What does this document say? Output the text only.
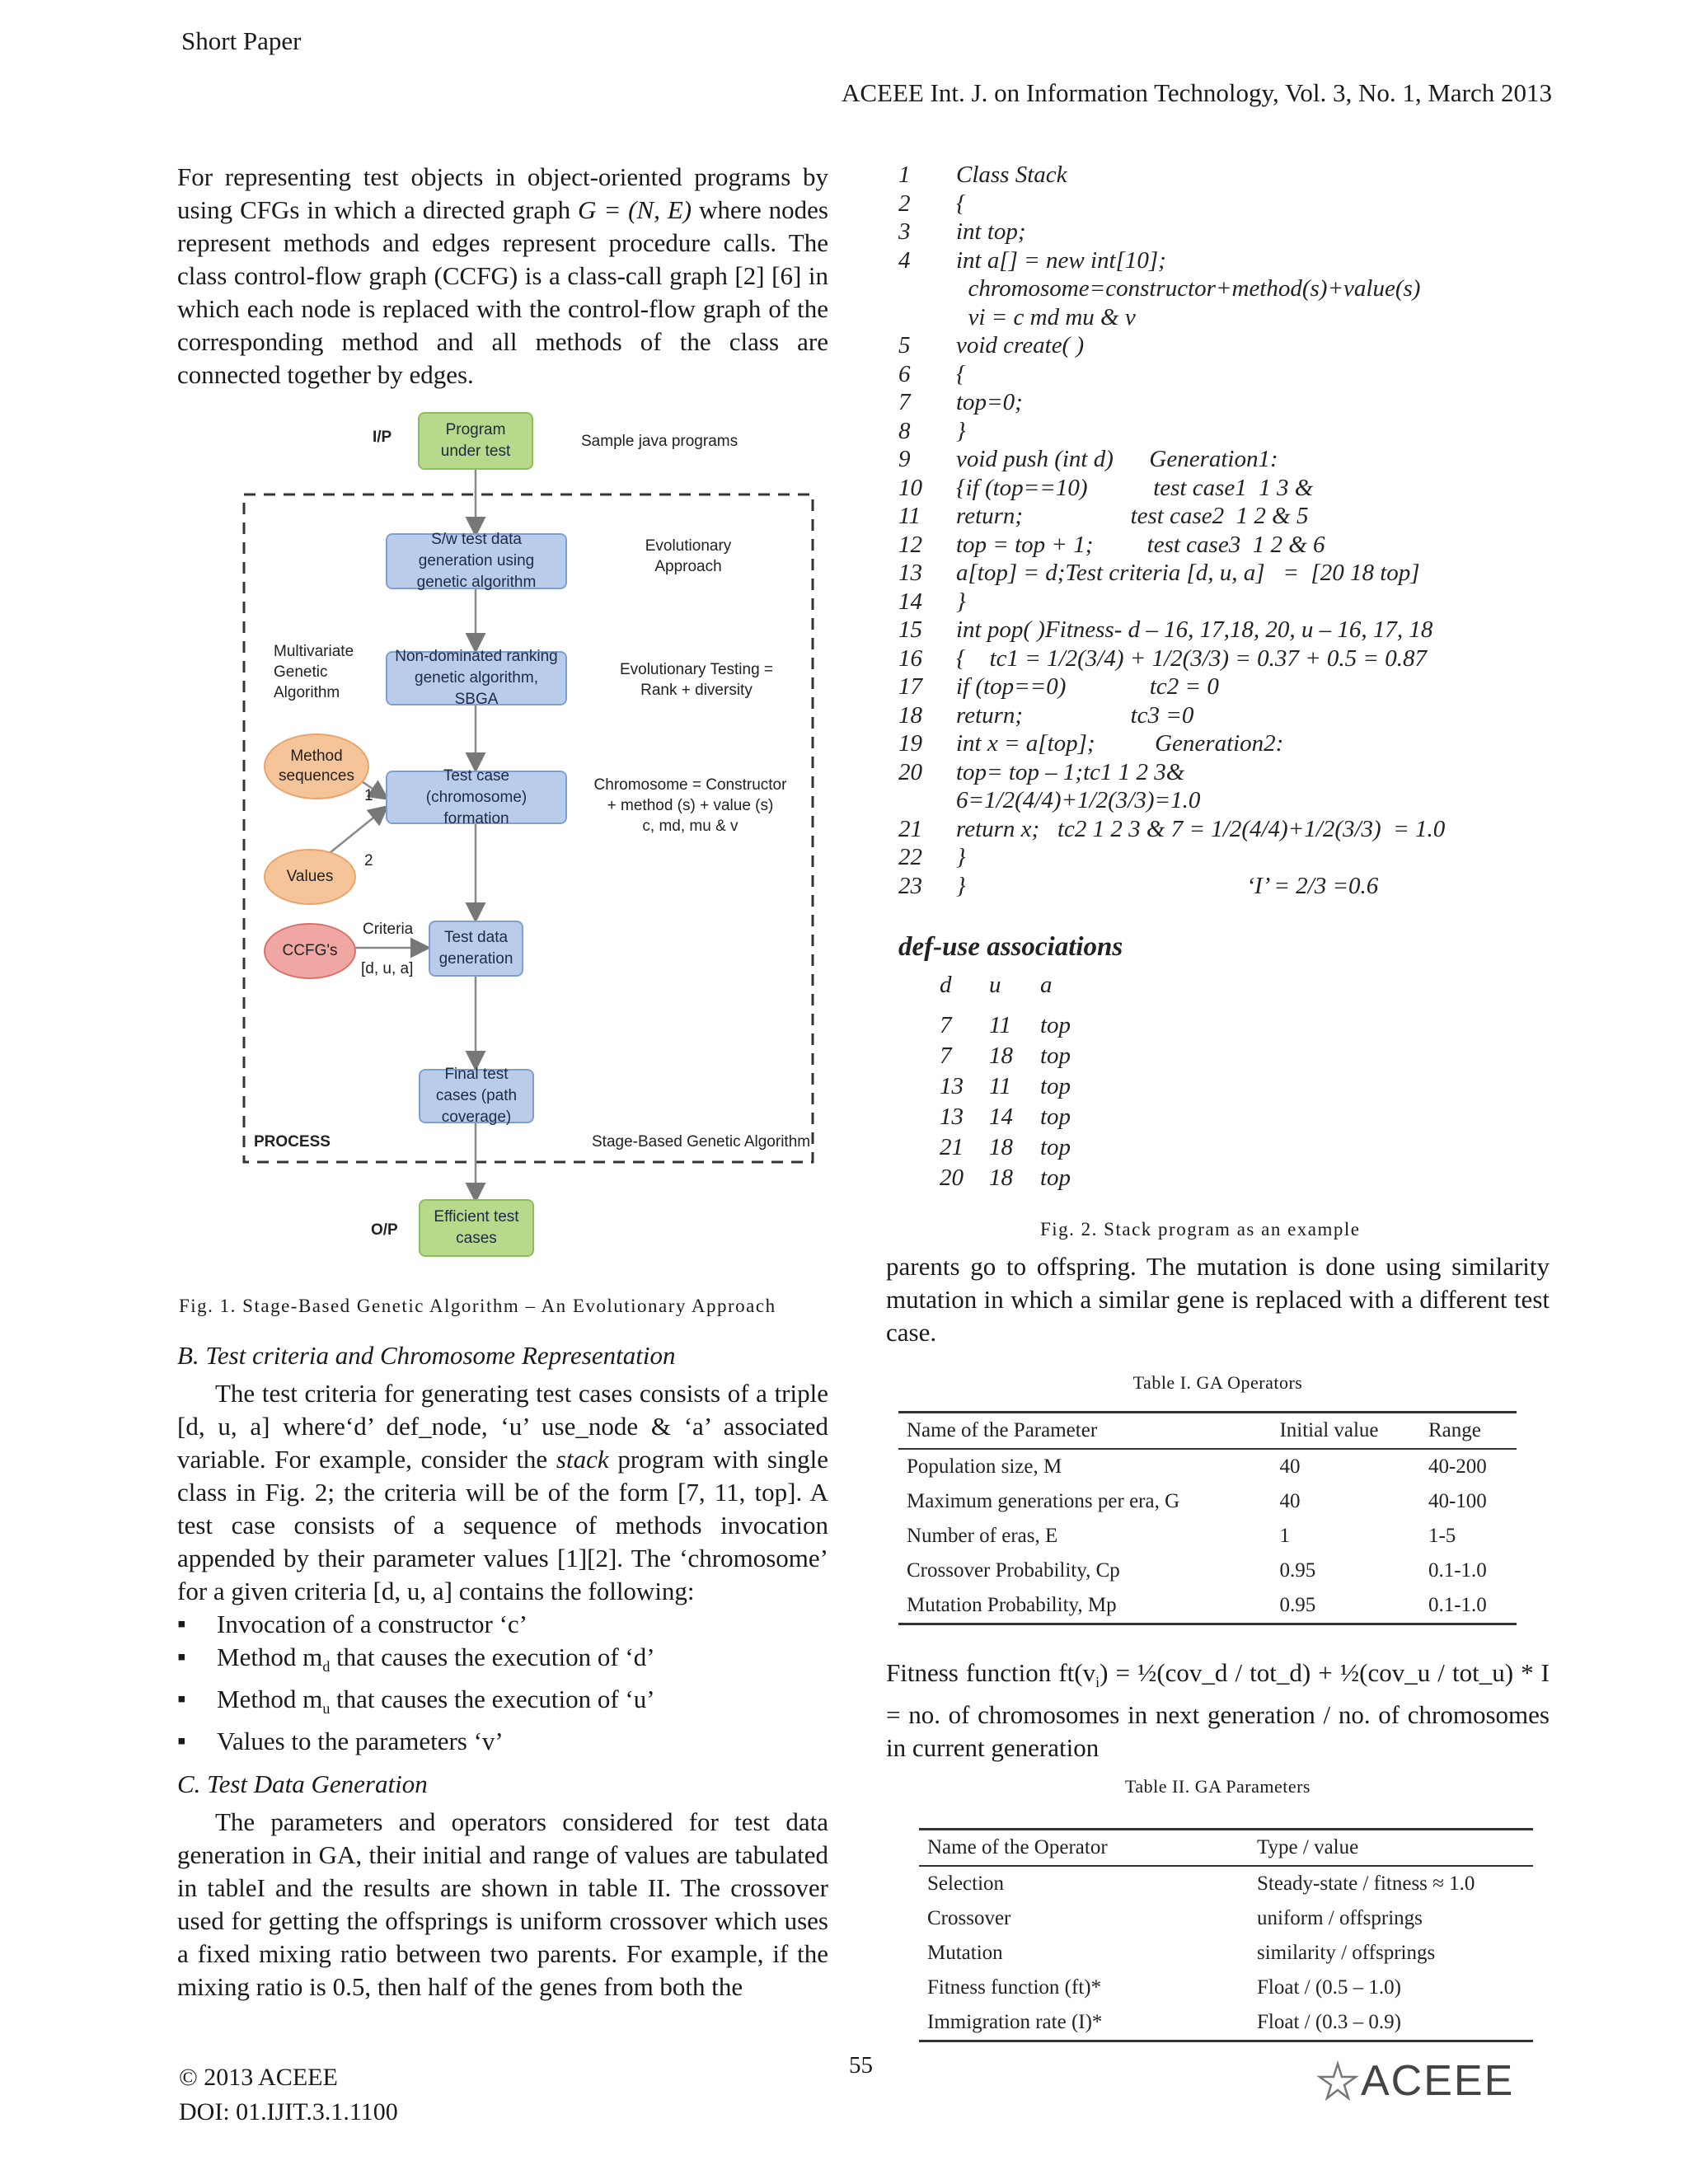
Short Paper
ACEEE Int. J. on Information Technology, Vol. 3, No. 1, March 2013

For representing test objects in object-oriented programs by using CFGs in which a directed graph G = (N, E) where nodes represent methods and edges represent procedure calls. The class control-flow graph (CCFG) is a class-call graph [2] [6] in which each node is replaced with the control-flow graph of the corresponding method and all methods of the class are connected together by edges.

I/P	Program under test
Sample java programs
S/w test data generation using genetic algorithm
Evolutionary Approach
Multivariate Genetic Algorithm
Non-dominated ranking genetic algorithm, SBGA
Evolutionary Testing = Rank + diversity
Method sequences
1
Test case (chromosome) formation
Chromosome = Constructor + method (s) + value (s)
c, md, mu & v
2
Values
CCFG's
Criteria
[d, u, a]
Test data generation
Final test cases (path coverage)
PROCESS	Stage-Based Genetic Algorithm
O/P
Efficient test cases
Fig. 1. Stage-Based Genetic Algorithm – An Evolutionary Approach

B. Test criteria and Chromosome Representation

The test criteria for generating test cases consists of a triple [d, u, a] where‘d’ def_node, ‘u’ use_node & ‘a’ associated variable. For example, consider the stack program with single class in Fig. 2; the criteria will be of the form [7, 11, top]. A test case consists of a sequence of methods invocation appended by their parameter values [1][2]. The ‘chromosome’ for a given criteria [d, u, a] contains the following:

▪ Invocation of a constructor ‘c’
▪ Method $m_d$ that causes the execution of ‘d’
▪ Method $m_u$ that causes the execution of ‘u’
▪ Values to the parameters ‘v’

C. Test Data Generation

The parameters and operators considered for test data generation in GA, their initial and range of values are tabulated in tableI and the results are shown in table II. The crossover used for getting the offsprings is uniform crossover which uses a fixed mixing ratio between two parents. For example, if the mixing ratio is 0.5, then half of the genes from both the

1	Class Stack
2	{
3	int top;
4	int a[] = new int[10];
chromosome=constructor+method(s)+value(s)
vi = c md mu & v
5	void create( )
6	{
7	top=0;
8	}
9	void push (int d)      Generation1:
10	{if (top==10)           test case1  1 3 &
11	return;                  test case2  1 2 & 5
12	top = top + 1;         test case3  1 2 & 6
13	a[top] = d;Test criteria [d, u, a]   =  [20 18 top]
14	}
15	int pop( )Fitness- d – 16, 17,18, 20, u – 16, 17, 18
16	{    tc1 = 1/2(3/4) + 1/2(3/3) = 0.37 + 0.5 = 0.87
17	if (top==0)              tc2 = 0
18	return;                  tc3 =0
19	int x = a[top];          Generation2:
20	top= top – 1;tc1 1 2 3&
6=1/2(4/4)+1/2(3/3)=1.0
21	return x;   tc2 1 2 3 & 7 = 1/2(4/4)+1/2(3/3)  = 1.0
22	}
23	}                                               ‘I’ = 2/3 =0.6
def-use associations
d u a
7 11 top
7 18 top
13 11 top
13 14 top
21 18 top
20 18 top
Fig. 2. Stack program as an example
parents go to offspring. The mutation is done using similarity mutation in which a similar gene is replaced with a different test case.
Table I. GA Operators
Name of the Parameter	Initial value	Range
Population size, M	40	40-200
Maximum generations per era, G	40	40-100
Number of eras, E	1	1-5
Crossover Probability, Cp	0.95	0.1-1.0
Mutation Probability, Mp	0.95	0.1-1.0

Fitness function $ft(v_i)$ = ½(cov_d / tot_d) + ½(cov_u / tot_u) * I = no. of chromosomes in next generation / no. of chromosomes in current generation

Table II. GA Parameters
Name of the Operator	Type / value
Selection	Steady-state / fitness ≈ 1.0
Crossover	uniform / offsprings
Mutation	similarity / offsprings
Fitness function (ft)*	Float / (0.5 – 1.0)
Immigration rate (I)*	Float / (0.3 – 0.9)
© 2013 ACEEE
DOI: 01.IJIT.3.1.1100
55	ACEEE
